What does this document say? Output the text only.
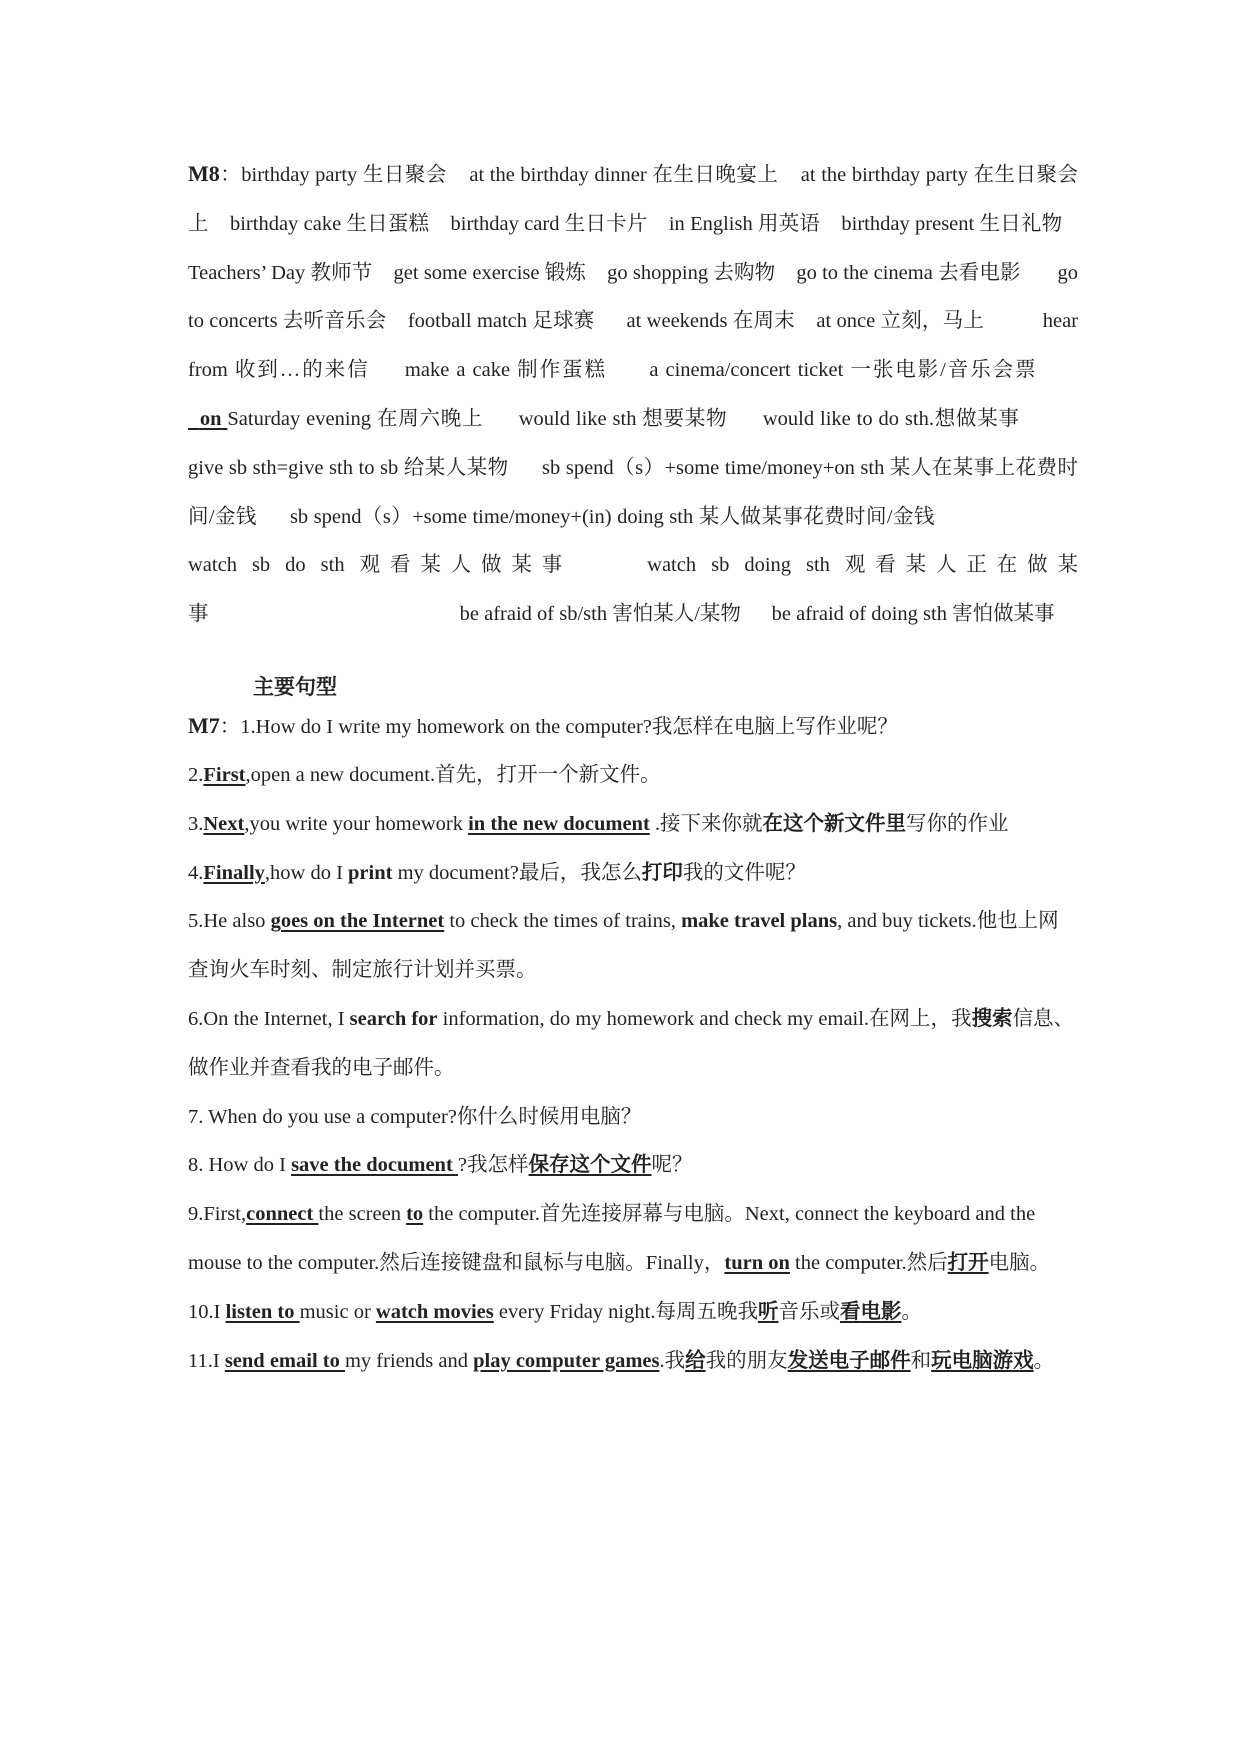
M8：birthday party 生日聚会 at the birthday dinner 在生日晚宴上 at the birthday party 在生日聚会上 birthday cake 生日蛋糕 birthday card 生日卡片 in English 用英语 birthday present 生日礼物    Teachers’ Day 教师节 get some exercise 锻炼 go shopping 去购物 go to the cinema 去看电影 go to concerts 去听音乐会 football match 足球赛 at weekends 在周末 at once 立刻，马上	hear from 收到…的来信 make a cake 制作蛋糕 a cinema/concert ticket 一张电影/音乐会票         on Saturday evening 在周六晚上 would like sth 想要某物 would like to do sth.想做某事           give sb sth=give sth to sb 给某人某物 sb spend（s）+some time/money+on sth 某人在某事上花费时间/金钱 sb spend（s）+some time/money+(in) doing sth 某人做某事花费时间/金钱                           watch sb do sth 观看某人做某事	watch sb doing sth 观看某人正在做某事	be afraid of sb/sth 害怕某人/某物 be afraid of doing sth 害怕做某事

主要句型

M7：1.How do I write my homework on the computer?我怎样在电脑上写作业呢？

2.First,open a new document.首先，打开一个新文件。

3.Next,you write your homework in the new document .接下来你就在这个新文件里写你的作业

4.Finally,how do I print my document?最后，我怎么打印我的文件呢？

5.He also goes on the Internet to check the times of trains, make travel plans, and buy tickets.他也上网查询火车时刻、制定旅行计划并买票。

6.On the Internet, I search for information, do my homework and check my email.在网上，我搜索信息、做作业并查看我的电子邮件。

7. When do you use a computer?你什么时候用电脑？

8. How do I save the document ?我怎样保存这个文件呢？

9.First,connect the screen to the computer.首先连接屏幕与电脑。Next, connect the keyboard and the mouse to the computer.然后连接键盘和鼠标与电脑。Finally，turn on the computer.然后打开电脑。

10.I listen to music or watch movies every Friday night.每周五晚我听音乐或看电影。

11.I send email to my friends and play computer games.我给我的朋友发送电子邮件和玩电脑游戏。
